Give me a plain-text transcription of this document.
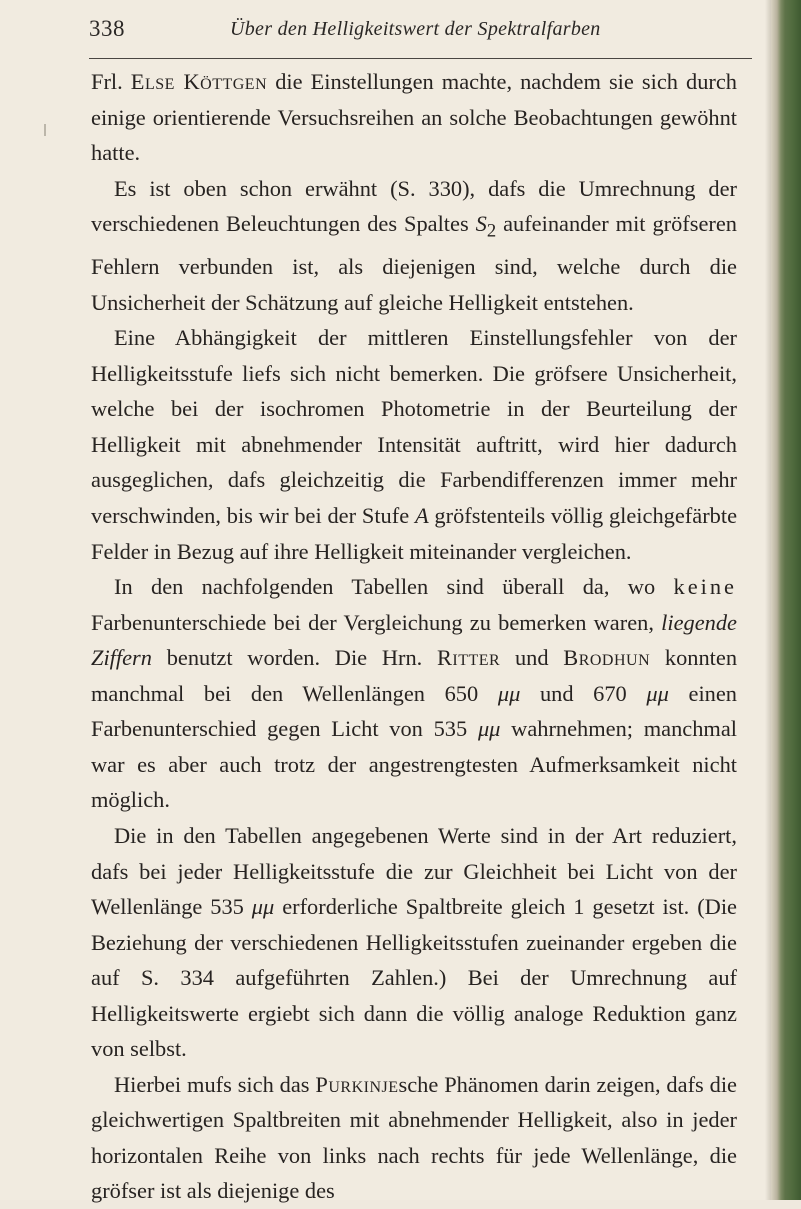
338	Über den Helligkeitswert der Spektralfarben

Frl. Else Köttgen die Einstellungen machte, nachdem sie sich durch einige orientierende Versuchsreihen an solche Beobachtungen gewöhnt hatte.

Es ist oben schon erwähnt (S. 330), dafs die Umrechnung der verschiedenen Beleuchtungen des Spaltes $S_2$ aufeinander mit gröfseren Fehlern verbunden ist, als diejenigen sind, welche durch die Unsicherheit der Schätzung auf gleiche Helligkeit entstehen.

Eine Abhängigkeit der mittleren Einstellungsfehler von der Helligkeitsstufe liefs sich nicht bemerken. Die gröfsere Unsicherheit, welche bei der isochromen Photometrie in der Beurteilung der Helligkeit mit abnehmender Intensität auftritt, wird hier dadurch ausgeglichen, dafs gleichzeitig die Farbendifferenzen immer mehr verschwinden, bis wir bei der Stufe A gröfstenteils völlig gleichgefärbte Felder in Bezug auf ihre Helligkeit miteinander vergleichen.

In den nachfolgenden Tabellen sind überall da, wo keine Farbenunterschiede bei der Vergleichung zu bemerken waren, liegende Ziffern benutzt worden. Die Hrn. Ritter und Brodhun konnten manchmal bei den Wellenlängen 650 μμ und 670 μμ einen Farbenunterschied gegen Licht von 535 μμ wahrnehmen; manchmal war es aber auch trotz der angestrengtesten Aufmerksamkeit nicht möglich.

Die in den Tabellen angegebenen Werte sind in der Art reduziert, dafs bei jeder Helligkeitsstufe die zur Gleichheit bei Licht von der Wellenlänge 535 μμ erforderliche Spaltbreite gleich 1 gesetzt ist. (Die Beziehung der verschiedenen Helligkeitsstufen zueinander ergeben die auf S. 334 aufgeführten Zahlen.) Bei der Umrechnung auf Helligkeitswerte ergiebt sich dann die völlig analoge Reduktion ganz von selbst.

Hierbei mufs sich das Purkinjesche Phänomen darin zeigen, dafs die gleichwertigen Spaltbreiten mit abnehmender Helligkeit, also in jeder horizontalen Reihe von links nach rechts für jede Wellenlänge, die gröfser ist als diejenige des
